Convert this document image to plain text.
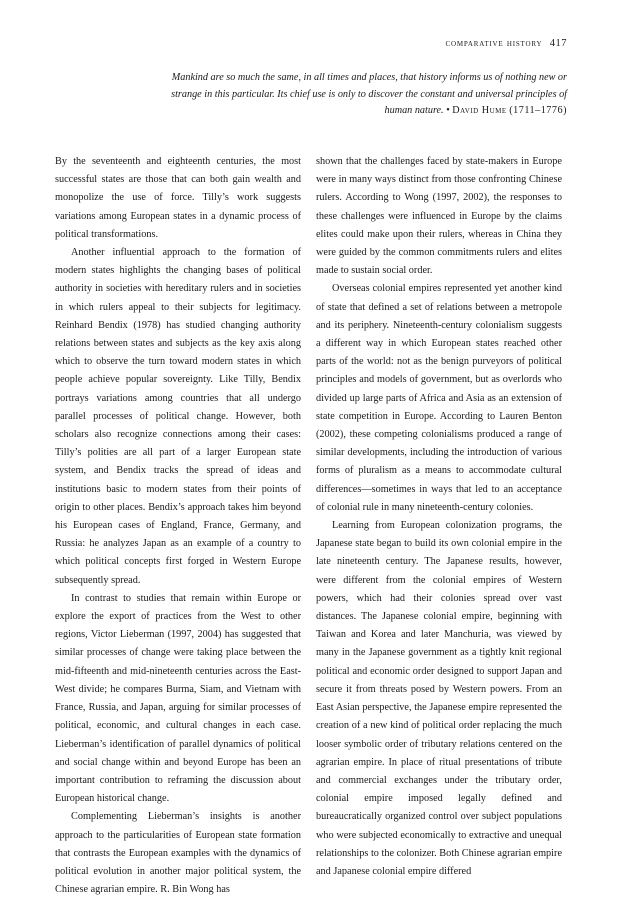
comparative history 417
Mankind are so much the same, in all times and places, that history informs us of nothing new or strange in this particular. Its chief use is only to discover the constant and universal principles of human nature. • David Hume (1711–1776)

By the seventeenth and eighteenth centuries, the most successful states are those that can both gain wealth and monopolize the use of force. Tilly’s work suggests variations among European states in a dynamic process of political transformations.

Another influential approach to the formation of modern states highlights the changing bases of political authority in societies with hereditary rulers and in societies in which rulers appeal to their subjects for legitimacy. Reinhard Bendix (1978) has studied changing authority relations between states and subjects as the key axis along which to observe the turn toward modern states in which people achieve popular sovereignty. Like Tilly, Bendix portrays variations among countries that all undergo parallel processes of political change. However, both scholars also recognize connections among their cases: Tilly’s polities are all part of a larger European state system, and Bendix tracks the spread of ideas and institutions basic to modern states from their points of origin to other places. Bendix’s approach takes him beyond his European cases of England, France, Germany, and Russia: he analyzes Japan as an example of a country to which political concepts first forged in Western Europe subsequently spread.

In contrast to studies that remain within Europe or explore the export of practices from the West to other regions, Victor Lieberman (1997, 2004) has suggested that similar processes of change were taking place between the mid-fifteenth and mid-nineteenth centuries across the East-West divide; he compares Burma, Siam, and Vietnam with France, Russia, and Japan, arguing for similar processes of political, economic, and cultural changes in each case. Lieberman’s identification of parallel dynamics of political and social change within and beyond Europe has been an important contribution to reframing the discussion about European historical change.

Complementing Lieberman’s insights is another approach to the particularities of European state formation that contrasts the European examples with the dynamics of political evolution in another major political system, the Chinese agrarian empire. R. Bin Wong has

shown that the challenges faced by state-makers in Europe were in many ways distinct from those confronting Chinese rulers. According to Wong (1997, 2002), the responses to these challenges were influenced in Europe by the claims elites could make upon their rulers, whereas in China they were guided by the common commitments rulers and elites made to sustain social order.

Overseas colonial empires represented yet another kind of state that defined a set of relations between a metropole and its periphery. Nineteenth-century colonialism suggests a different way in which European states reached other parts of the world: not as the benign purveyors of political principles and models of government, but as overlords who divided up large parts of Africa and Asia as an extension of state competition in Europe. According to Lauren Benton (2002), these competing colonialisms produced a range of similar developments, including the introduction of various forms of pluralism as a means to accommodate cultural differences—sometimes in ways that led to an acceptance of colonial rule in many nineteenth-century colonies.

Learning from European colonization programs, the Japanese state began to build its own colonial empire in the late nineteenth century. The Japanese results, however, were different from the colonial empires of Western powers, which had their colonies spread over vast distances. The Japanese colonial empire, beginning with Taiwan and Korea and later Manchuria, was viewed by many in the Japanese government as a tightly knit regional political and economic order designed to support Japan and secure it from threats posed by Western powers. From an East Asian perspective, the Japanese empire represented the creation of a new kind of political order replacing the much looser symbolic order of tributary relations centered on the agrarian empire. In place of ritual presentations of tribute and commercial exchanges under the tributary order, colonial empire imposed legally defined and bureaucratically organized control over subject populations who were subjected economically to extractive and unequal relationships to the colonizer. Both Chinese agrarian empire and Japanese colonial empire differed
